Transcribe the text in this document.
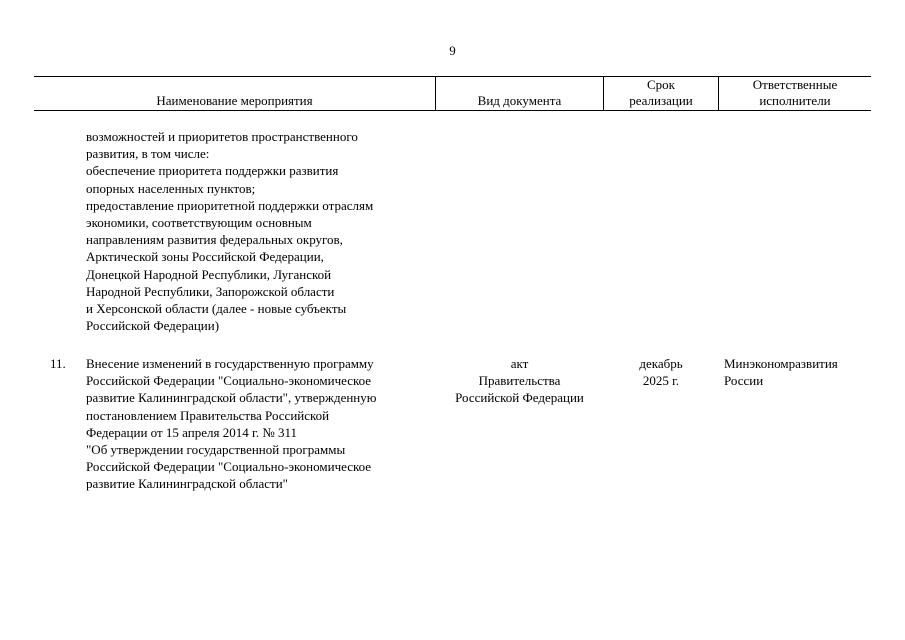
9
Наименование мероприятия	Вид документа
Срок
реализации
Ответственные
исполнители
возможностей и приоритетов пространственного
развития, в том числе:
обеспечение приоритета поддержки развития
опорных населенных пунктов;
предоставление приоритетной поддержки отраслям
экономики, соответствующим основным
направлениям развития федеральных округов,
Арктической зоны Российской Федерации,
Донецкой Народной Республики, Луганской
Народной Республики, Запорожской области
и Херсонской области (далее - новые субъекты
Российской Федерации)
11.	Внесение изменений в государственную программу
Российской Федерации "Социально-экономическое
развитие Калининградской области", утвержденную
постановлением Правительства Российской
Федерации от 15 апреля 2014 г. № 311
"Об утверждении государственной программы
Российской Федерации "Социально-экономическое
развитие Калининградской области"
акт
Правительства
Российской Федерации
декабрь
2025 г.
Минэкономразвития
России
